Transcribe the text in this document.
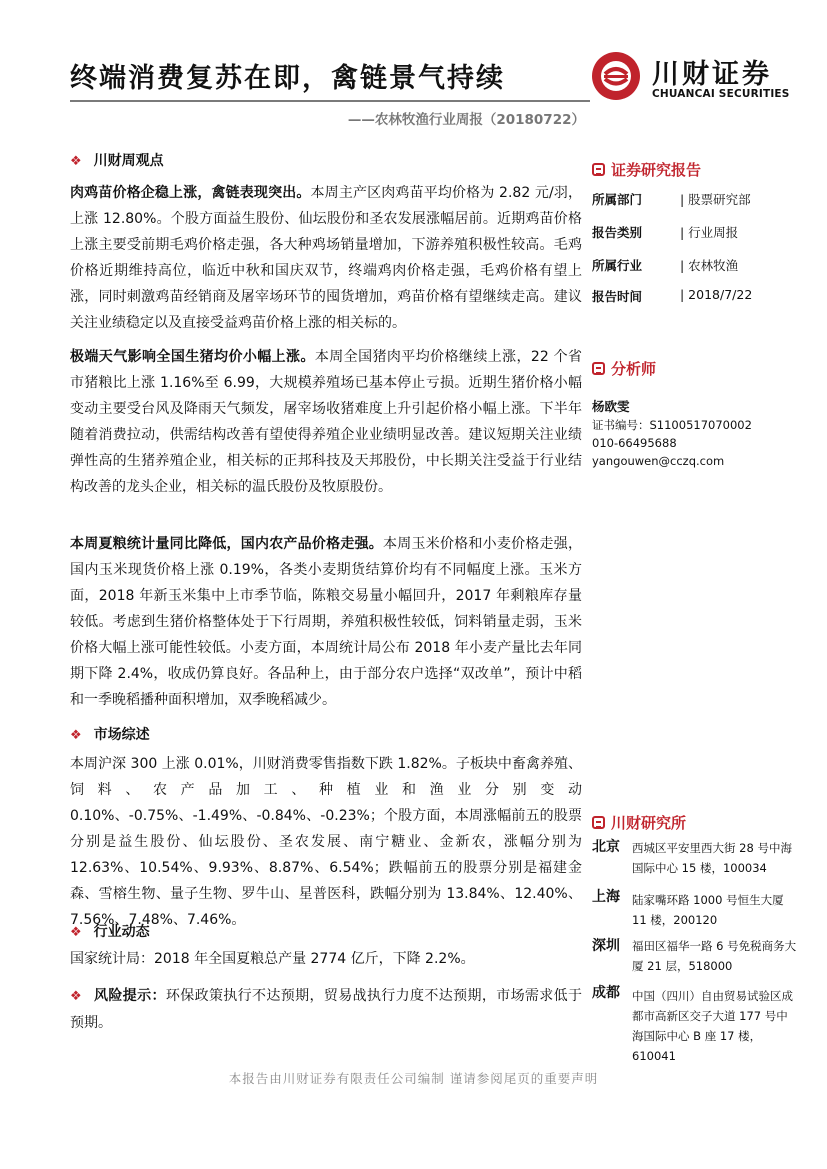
终端消费复苏在即，禽链景气持续
——农林牧渔行业周报（20180722）
川财证券
CHUANCAI SECURITIES
❖ 川财周观点
肉鸡苗价格企稳上涨，禽链表现突出。本周主产区肉鸡苗平均价格为 2.82 元/羽，上涨 12.80%。个股方面益生股份、仙坛股份和圣农发展涨幅居前。近期鸡苗价格上涨主要受前期毛鸡价格走强，各大种鸡场销量增加，下游养殖积极性较高。毛鸡价格近期维持高位，临近中秋和国庆双节，终端鸡肉价格走强，毛鸡价格有望上涨，同时刺激鸡苗经销商及屠宰场环节的囤货增加，鸡苗价格有望继续走高。建议关注业绩稳定以及直接受益鸡苗价格上涨的相关标的。
极端天气影响全国生猪均价小幅上涨。本周全国猪肉平均价格继续上涨，22 个省市猪粮比上涨 1.16%至 6.99，大规模养殖场已基本停止亏损。近期生猪价格小幅变动主要受台风及降雨天气频发，屠宰场收猪难度上升引起价格小幅上涨。下半年随着消费拉动，供需结构改善有望使得养殖企业业绩明显改善。建议短期关注业绩弹性高的生猪养殖企业，相关标的正邦科技及天邦股份，中长期关注受益于行业结构改善的龙头企业，相关标的温氏股份及牧原股份。
本周夏粮统计量同比降低，国内农产品价格走强。本周玉米价格和小麦价格走强，国内玉米现货价格上涨 0.19%，各类小麦期货结算价均有不同幅度上涨。玉米方面，2018 年新玉米集中上市季节临，陈粮交易量小幅回升，2017 年剩粮库存量较低。考虑到生猪价格整体处于下行周期，养殖积极性较低，饲料销量走弱，玉米价格大幅上涨可能性较低。小麦方面，本周统计局公布 2018 年小麦产量比去年同期下降 2.4%，收成仍算良好。各品种上，由于部分农户选择“双改单”，预计中稻和一季晚稻播种面积增加，双季晚稻减少。
❖ 市场综述
本周沪深 300 上涨 0.01%，川财消费零售指数下跌 1.82%。子板块中畜禽养殖、饲料、农产品加工、种植业和渔业分别变动 0.10%、-0.75%、-1.49%、-0.84%、-0.23%；个股方面，本周涨幅前五的股票分别是益生股份、仙坛股份、圣农发展、南宁糖业、金新农，涨幅分别为 12.63%、10.54%、9.93%、8.87%、6.54%；跌幅前五的股票分别是福建金森、雪榕生物、量子生物、罗牛山、星普医科，跌幅分别为 13.84%、12.40%、7.56%、7.48%、7.46%。
❖ 行业动态
国家统计局：2018 年全国夏粮总产量 2774 亿斤，下降 2.2%。
❖ 风险提示：环保政策执行不达预期，贸易战执行力度不达预期，市场需求低于预期。
证券研究报告
所属部门	| 股票研究部
报告类别	| 行业周报
所属行业	| 农林牧渔
报告时间	| 2018/7/22
分析师
杨欧雯
证书编号：S1100517070002
010-66495688
yangouwen@cczq.com
川财研究所
北京 西城区平安里西大街 28 号中海国际中心 15 楼，100034
上海 陆家嘴环路 1000 号恒生大厦 11 楼，200120
深圳 福田区福华一路 6 号免税商务大厦 21 层，518000
成都 中国（四川）自由贸易试验区成都市高新区交子大道 177 号中海国际中心 B 座 17 楼，610041
本报告由川财证券有限责任公司编制 谨请参阅尾页的重要声明
